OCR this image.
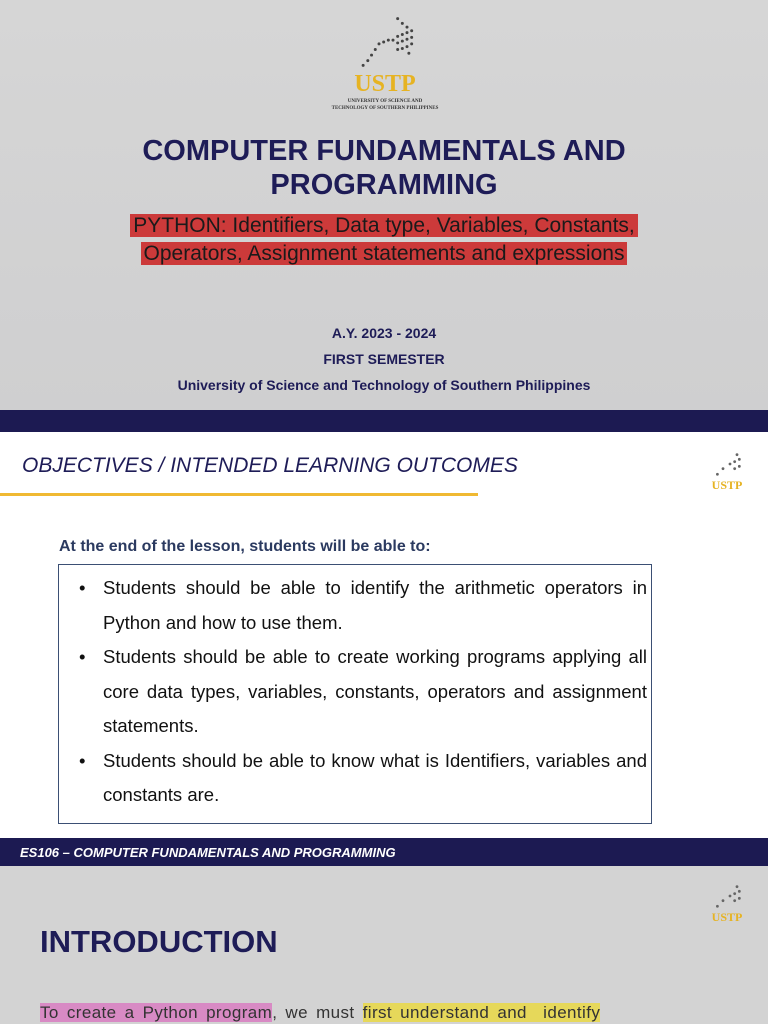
USTP
UNIVERSITY OF SCIENCE AND TECHNOLOGY OF SOUTHERN PHILIPPINES
COMPUTER FUNDAMENTALS AND
PROGRAMMING
PYTHON: Identifiers, Data type, Variables, Constants,
Operators, Assignment statements and expressions
A.Y. 2023 - 2024
FIRST SEMESTER
University of Science and Technology of Southern Philippines
OBJECTIVES / INTENDED LEARNING OUTCOMES
USTP
At the end of the lesson, students will be able to:
• Students should be able to identify the arithmetic operators in Python and how to use them.
• Students should be able to create working programs applying all core data types, variables, constants, operators and assignment statements.
• Students should be able to know what is Identifiers, variables and constants are.
ES106 – COMPUTER FUNDAMENTALS AND PROGRAMMING
USTP
INTRODUCTION
To create a Python program, we must first understand and  identify
